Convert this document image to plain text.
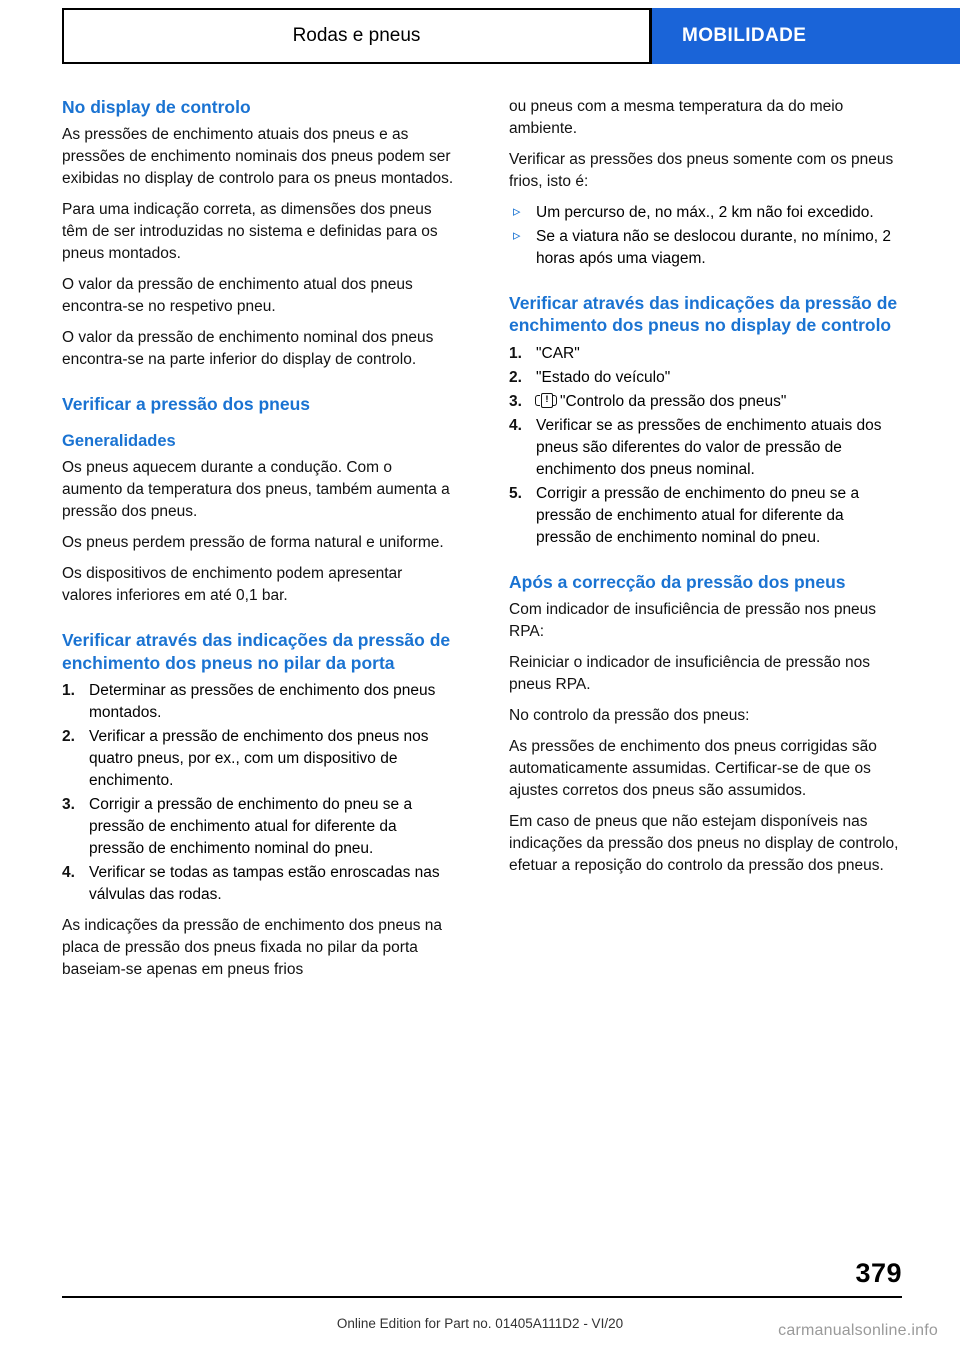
Rodas e pneus	MOBILIDADE
No display de controlo

As pressões de enchimento atuais dos pneus e as pressões de enchimento nominais dos pneus podem ser exibidas no display de controlo para os pneus montados.

Para uma indicação correta, as dimensões dos pneus têm de ser introduzidas no sistema e definidas para os pneus montados.

O valor da pressão de enchimento atual dos pneus encontra-se no respetivo pneu.

O valor da pressão de enchimento nominal dos pneus encontra-se na parte inferior do display de controlo.

Verificar a pressão dos pneus
Generalidades

Os pneus aquecem durante a condução. Com o aumento da temperatura dos pneus, também aumenta a pressão dos pneus.

Os pneus perdem pressão de forma natural e uniforme.

Os dispositivos de enchimento podem apresentar valores inferiores em até 0,1 bar.

Verificar através das indicações da pressão de enchimento dos pneus no pilar da porta
Determinar as pressões de enchimento dos pneus montados.
Verificar a pressão de enchimento dos pneus nos quatro pneus, por ex., com um dispositivo de enchimento.
Corrigir a pressão de enchimento do pneu se a pressão de enchimento atual for diferente da pressão de enchimento nominal do pneu.
Verificar se todas as tampas estão enroscadas nas válvulas das rodas.

As indicações da pressão de enchimento dos pneus na placa de pressão dos pneus fixada no pilar da porta baseiam-se apenas em pneus frios

ou pneus com a mesma temperatura da do meio ambiente.

Verificar as pressões dos pneus somente com os pneus frios, isto é:

▹ Um percurso de, no máx., 2 km não foi excedido.
▹ Se a viatura não se deslocou durante, no mínimo, 2 horas após uma viagem.
Verificar através das indicações da pressão de enchimento dos pneus no display de controlo
"CAR"
"Estado do veículo"
! "Controlo da pressão dos pneus"
Verificar se as pressões de enchimento atuais dos pneus são diferentes do valor de pressão de enchimento dos pneus nominal.
Corrigir a pressão de enchimento do pneu se a pressão de enchimento atual for diferente da pressão de enchimento nominal do pneu.
Após a correcção da pressão dos pneus

Com indicador de insuficiência de pressão nos pneus RPA:

Reiniciar o indicador de insuficiência de pressão nos pneus RPA.

No controlo da pressão dos pneus:

As pressões de enchimento dos pneus corrigidas são automaticamente assumidas. Certificar-se de que os ajustes corretos dos pneus são assumidos.

Em caso de pneus que não estejam disponíveis nas indicações da pressão dos pneus no display de controlo, efetuar a reposição do controlo da pressão dos pneus.

379
Online Edition for Part no. 01405A111D2 - VI/20	carmanualsonline.info
